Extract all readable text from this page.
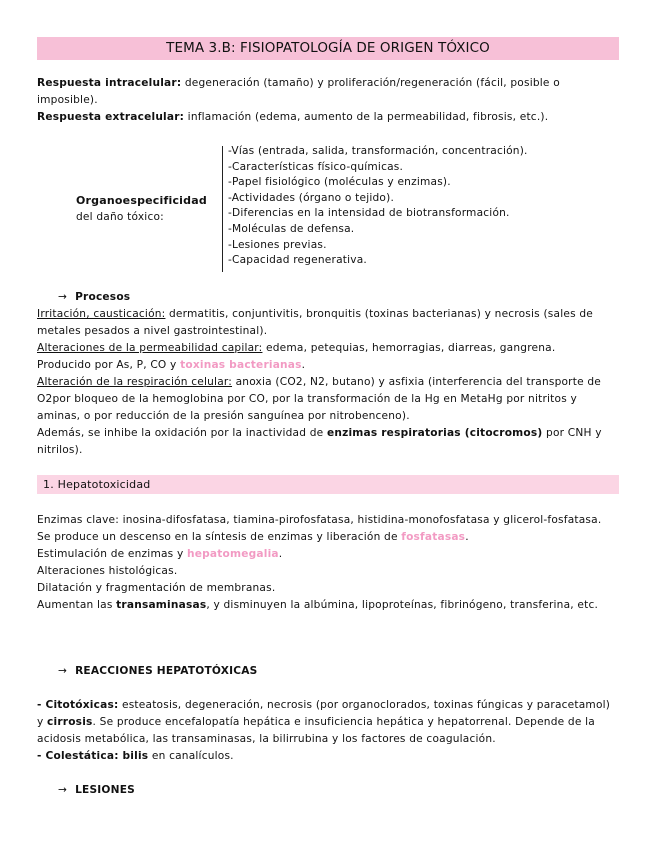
TEMA 3.B: FISIOPATOLOGÍA DE ORIGEN TÓXICO
Respuesta intracelular: degeneración (tamaño) y proliferación/regeneración (fácil, posible o imposible).
Respuesta extracelular: inflamación (edema, aumento de la permeabilidad, fibrosis, etc.).
Organoespecificidad
del daño tóxico:
-Vías (entrada, salida, transformación, concentración).
-Características físico-químicas.
-Papel fisiológico (moléculas y enzimas).
-Actividades (órgano o tejido).
-Diferencias en la intensidad de biotransformación.
-Moléculas de defensa.
-Lesiones previas.
-Capacidad regenerativa.
→ Procesos
Irritación, causticación: dermatitis, conjuntivitis, bronquitis (toxinas bacterianas) y necrosis (sales de metales pesados a nivel gastrointestinal).
Alteraciones de la permeabilidad capilar: edema, petequias, hemorragias, diarreas, gangrena.
Producido por As, P, CO y toxinas bacterianas.
Alteración de la respiración celular: anoxia (CO2, N2, butano) y asfixia (interferencia del transporte de O2por bloqueo de la hemoglobina por CO, por la transformación de la Hg en MetaHg por nitritos y aminas, o por reducción de la presión sanguínea por nitrobenceno).
Además, se inhibe la oxidación por la inactividad de enzimas respiratorias (citocromos) por CNH y nitrilos).
1. Hepatotoxicidad
Enzimas clave: inosina-difosfatasa, tiamina-pirofosfatasa, histidina-monofosfatasa y glicerol-fosfatasa.
Se produce un descenso en la síntesis de enzimas y liberación de fosfatasas.
Estimulación de enzimas y hepatomegalia.
Alteraciones histológicas.
Dilatación y fragmentación de membranas.
Aumentan las transaminasas, y disminuyen la albúmina, lipoproteínas, fibrinógeno, transferina, etc.
→ REACCIONES HEPATOTÓXICAS
- Citotóxicas: esteatosis, degeneración, necrosis (por organoclorados, toxinas fúngicas y paracetamol) y cirrosis. Se produce encefalopatía hepática e insuficiencia hepática y hepatorrenal. Depende de la acidosis metabólica, las transaminasas, la bilirrubina y los factores de coagulación.
- Colestática: bilis en canalículos.
→ LESIONES
